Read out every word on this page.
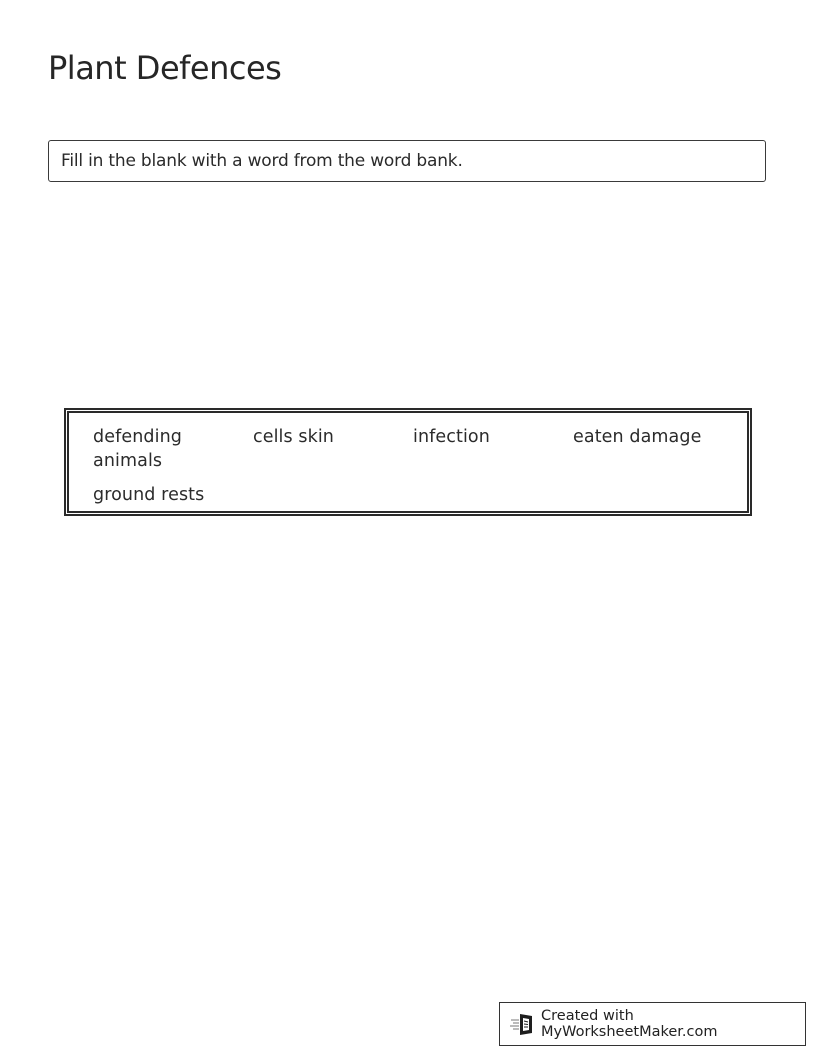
Plant Defences
Fill in the blank with a word from the word bank.
defending animals
cells skin	infection	eaten damage
ground rests
Created with MyWorksheetMaker.com
